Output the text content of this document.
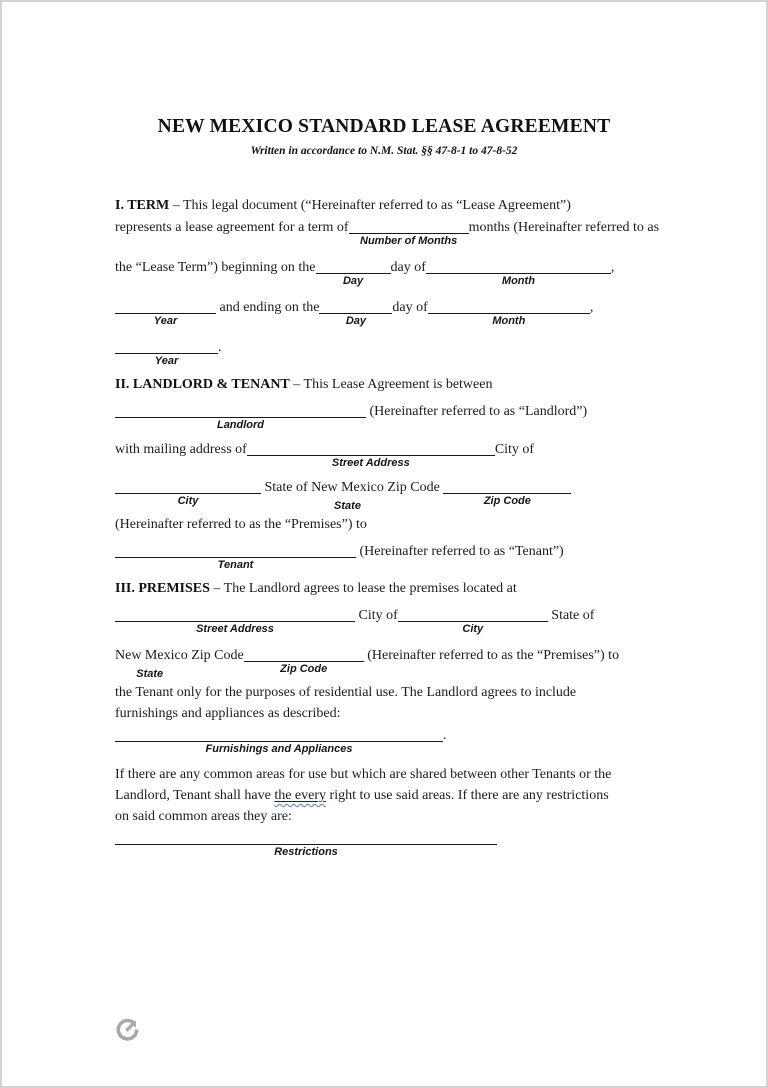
NEW MEXICO STANDARD LEASE AGREEMENT
Written in accordance to N.M. Stat. §§ 47-8-1 to 47-8-52
I. TERM – This legal document (“Hereinafter referred to as “Lease Agreement”)
represents a lease agreement for a term of
Number of Months
months (Hereinafter referred to as
the “Lease Term”) beginning on the
Day
day of
Month
,
Year
and ending on the
Day
day of
Month
,
Year
.
II. LANDLORD & TENANT – This Lease Agreement is between
Landlord
(Hereinafter referred to as “Landlord”)
with mailing address of
Street Address
City of
City
State of New Mexico
State
Zip Code
Zip Code
(Hereinafter referred to as the “Premises”) to
Tenant
(Hereinafter referred to as “Tenant”)
III. PREMISES – The Landlord agrees to lease the premises located at
Street Address
City of
City
State of
New Mexico Zip Code
State	Zip Code
(Hereinafter referred to as the “Premises”) to
the Tenant only for the purposes of residential use. The Landlord agrees to include
furnishings and appliances as described:
Furnishings and Appliances
.
If there are any common areas for use but which are shared between other Tenants or the
Landlord, Tenant shall have the every right to use said areas. If there are any restrictions
on said common areas they are:
Restrictions
